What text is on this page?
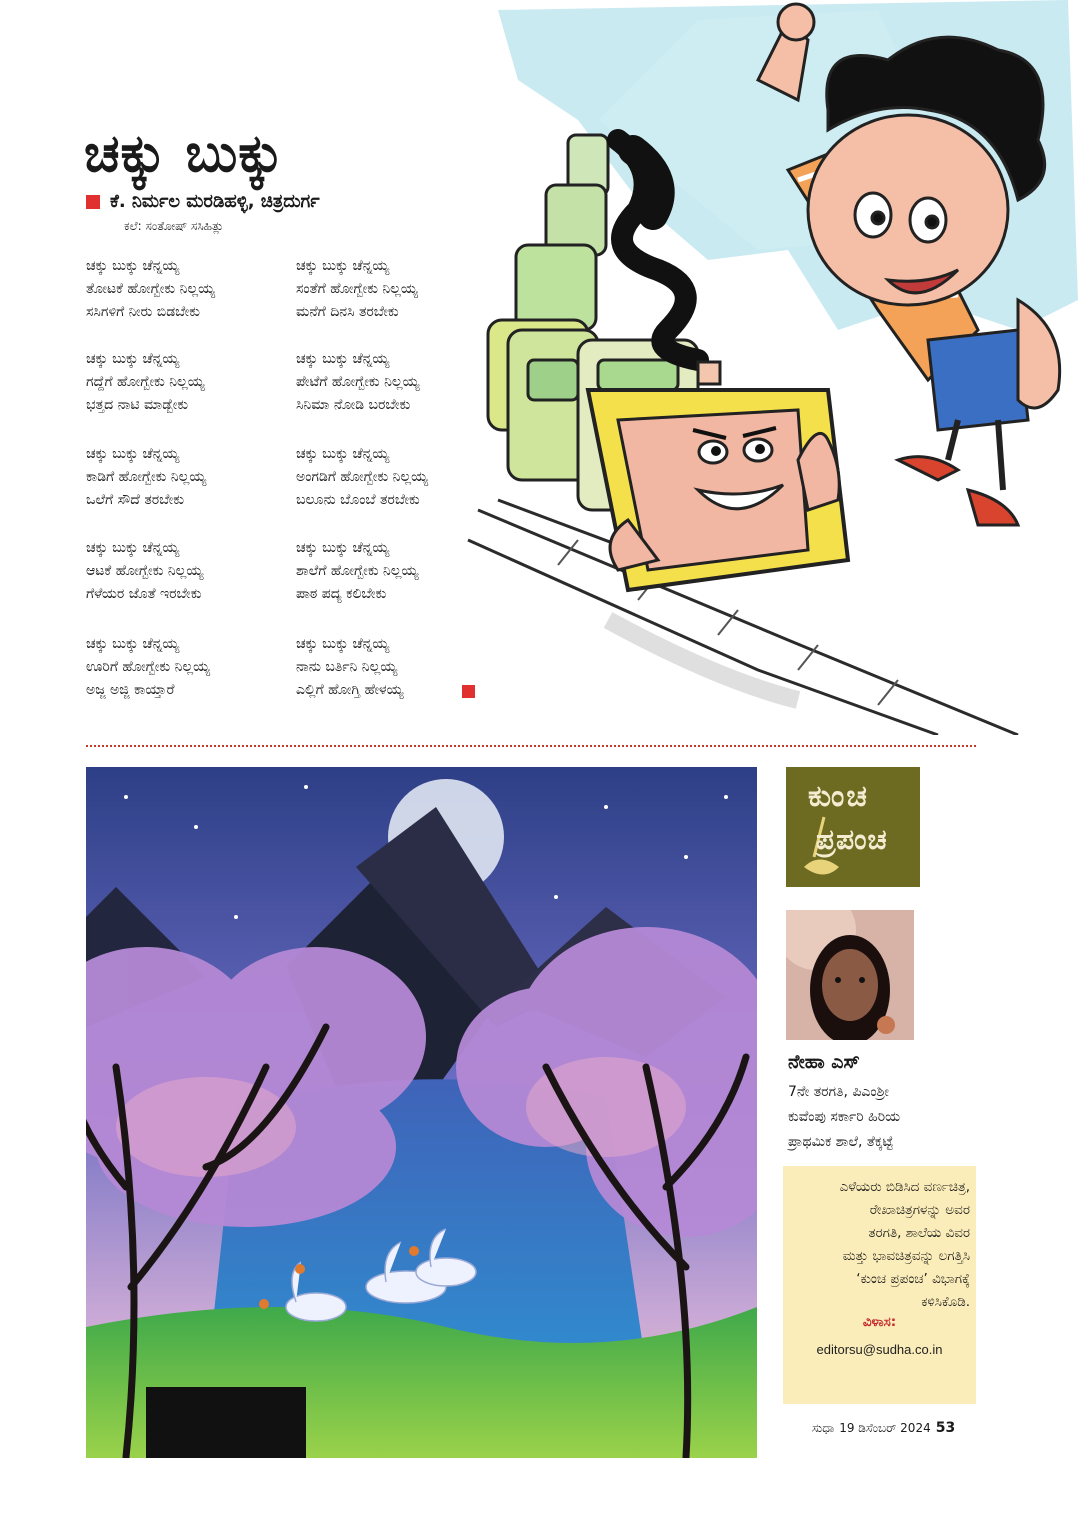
ಚಕ್ಕು ಬುಕ್ಕು
ಕೆ. ನಿರ್ಮಲ ಮರಡಿಹಳ್ಳಿ, ಚಿತ್ರದುರ್ಗ
ಕಲೆ: ಸಂತೋಷ್ ಸಸಿಹಿತ್ಲು
ಚಕ್ಕು ಬುಕ್ಕು ಚೆನ್ನಯ್ಯ
ತೋಟಕೆ ಹೋಗ್ಬೇಕು ನಿಲ್ಲಯ್ಯ
ಸಸಿಗಳಿಗೆ ನೀರು ಬಿಡಬೇಕು
ಚಕ್ಕು ಬುಕ್ಕು ಚೆನ್ನಯ್ಯ
ಗದ್ದೆಗೆ ಹೋಗ್ಬೇಕು ನಿಲ್ಲಯ್ಯ
ಭತ್ತದ ನಾಟಿ ಮಾಡ್ಬೇಕು
ಚಕ್ಕು ಬುಕ್ಕು ಚೆನ್ನಯ್ಯ
ಕಾಡಿಗೆ ಹೋಗ್ಬೇಕು ನಿಲ್ಲಯ್ಯ
ಒಲೆಗೆ ಸೌದೆ ತರಬೇಕು
ಚಕ್ಕು ಬುಕ್ಕು ಚೆನ್ನಯ್ಯ
ಆಟಕೆ ಹೋಗ್ಬೇಕು ನಿಲ್ಲಯ್ಯ
ಗೆಳೆಯರ ಜೊತೆ ಇರಬೇಕು
ಚಕ್ಕು ಬುಕ್ಕು ಚೆನ್ನಯ್ಯ
ಊರಿಗೆ ಹೋಗ್ಬೇಕು ನಿಲ್ಲಯ್ಯ
ಅಜ್ಜ ಅಜ್ಜಿ ಕಾಯ್ತಾರೆ
ಚಕ್ಕು ಬುಕ್ಕು ಚೆನ್ನಯ್ಯ
ಸಂತೆಗೆ ಹೋಗ್ಬೇಕು ನಿಲ್ಲಯ್ಯ
ಮನೆಗೆ ದಿನಸಿ ತರಬೇಕು
ಚಕ್ಕು ಬುಕ್ಕು ಚೆನ್ನಯ್ಯ
ಪೇಟೆಗೆ ಹೋಗ್ಬೇಕು ನಿಲ್ಲಯ್ಯ
ಸಿನಿಮಾ ನೋಡಿ ಬರಬೇಕು
ಚಕ್ಕು ಬುಕ್ಕು ಚೆನ್ನಯ್ಯ
ಅಂಗಡಿಗೆ ಹೋಗ್ಬೇಕು ನಿಲ್ಲಯ್ಯ
ಬಲೂನು ಬೊಂಬೆ ತರಬೇಕು
ಚಕ್ಕು ಬುಕ್ಕು ಚೆನ್ನಯ್ಯ
ಶಾಲೆಗೆ ಹೋಗ್ಬೇಕು ನಿಲ್ಲಯ್ಯ
ಪಾಠ ಪದ್ಯ ಕಲಿಬೇಕು
ಚಕ್ಕು ಬುಕ್ಕು ಚೆನ್ನಯ್ಯ
ನಾನು ಬರ್ತಿನಿ ನಿಲ್ಲಯ್ಯ
ಎಲ್ಲಿಗೆ ಹೋಗ್ತಿ ಹೇಳಯ್ಯ
ಕುಂಚ
ಪ್ರಪಂಚ
ನೇಹಾ ಎಸ್
7ನೇ ತರಗತಿ, ಪಿಎಂಶ್ರೀ
ಕುವೆಂಪು ಸರ್ಕಾರಿ ಹಿರಿಯ
ಪ್ರಾಥಮಿಕ ಶಾಲೆ, ತೆಕ್ಕಟ್ಟೆ
ಎಳೆಯರು ಬಿಡಿಸಿದ ವರ್ಣಚಿತ್ರ,
ರೇಖಾಚಿತ್ರಗಳನ್ನು ಅವರ
ತರಗತಿ, ಶಾಲೆಯ ವಿವರ
ಮತ್ತು ಭಾವಚಿತ್ರವನ್ನು ಲಗತ್ತಿಸಿ
‘ಕುಂಚ ಪ್ರಪಂಚ’ ವಿಭಾಗಕ್ಕೆ
ಕಳಿಸಿಕೊಡಿ.
ವಿಳಾಸ:
editorsu@sudha.co.in
ಸುಧಾ 19 ಡಿಸೆಂಬರ್ 2024 53
